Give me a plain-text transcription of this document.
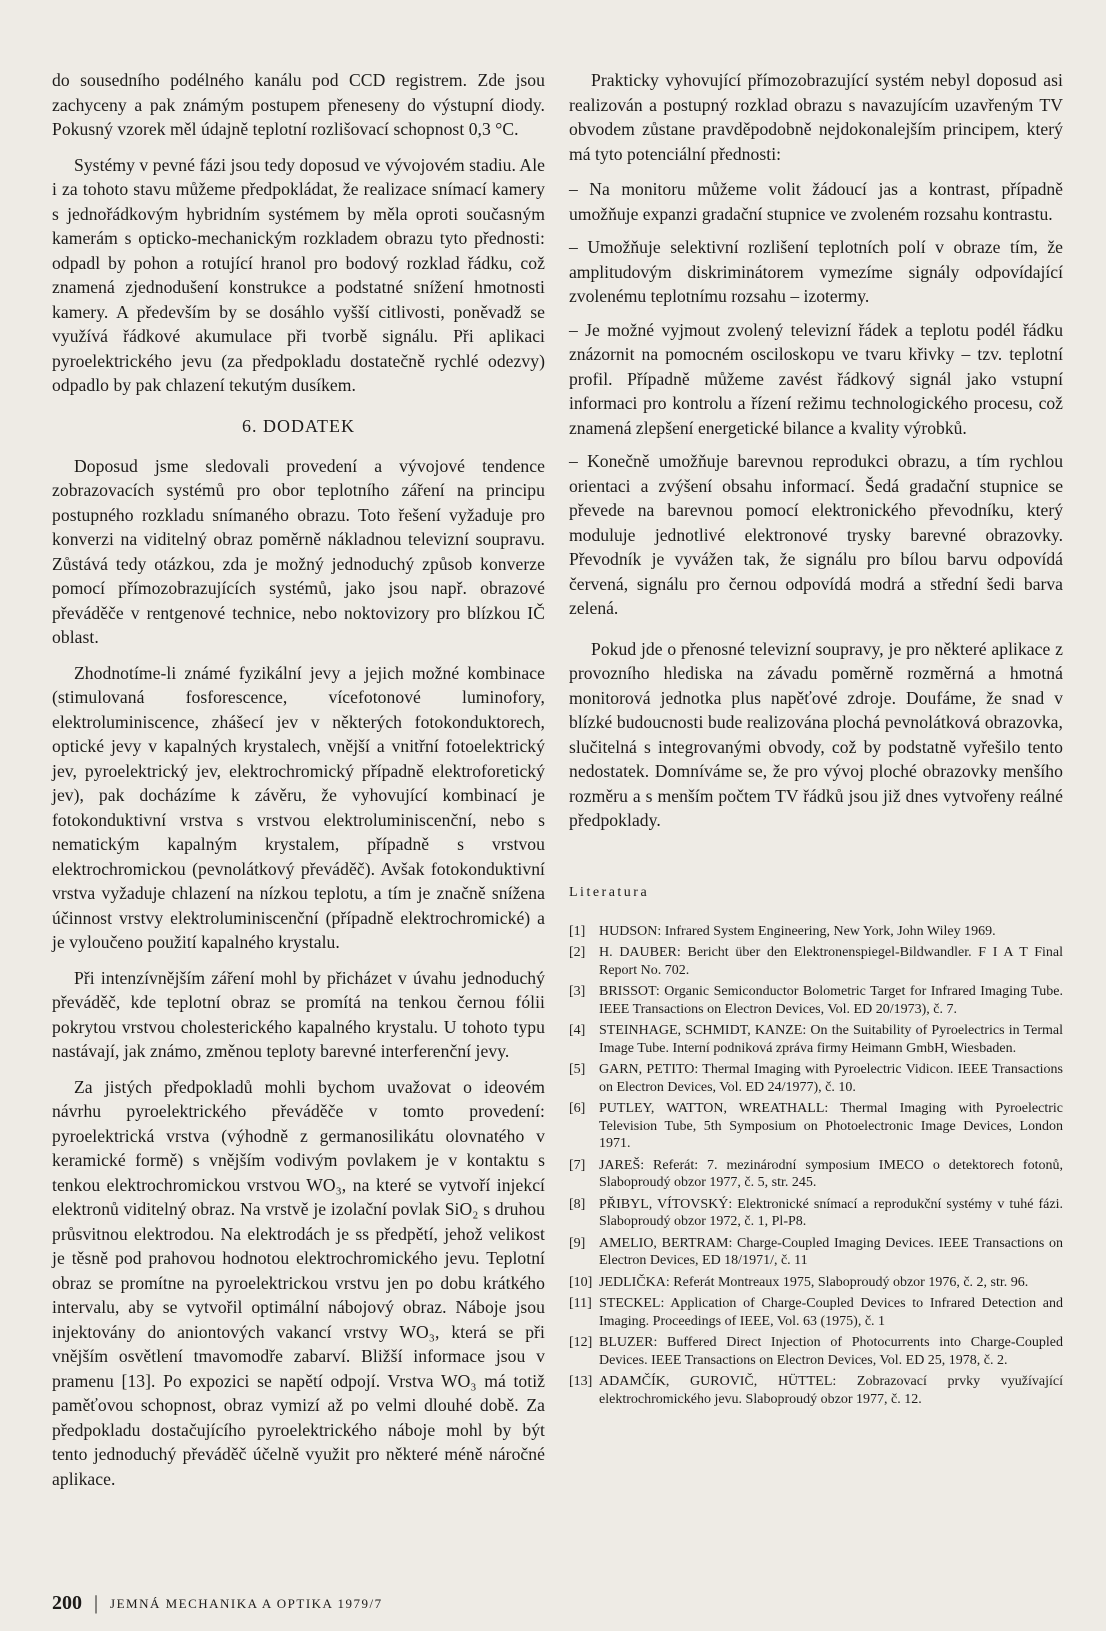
do sousedního podélného kanálu pod CCD registrem. Zde jsou zachyceny a pak známým postupem přeneseny do výstupní diody. Pokusný vzorek měl údajně teplotní rozlišovací schopnost 0,3 °C.

Systémy v pevné fázi jsou tedy doposud ve vývojovém stadiu. Ale i za tohoto stavu můžeme předpokládat, že realizace snímací kamery s jednořádkovým hybridním systémem by měla oproti současným kamerám s opticko-mechanickým rozkladem obrazu tyto přednosti: odpadl by pohon a rotující hranol pro bodový rozklad řádku, což znamená zjednodušení konstrukce a podstatné snížení hmotnosti kamery. A především by se dosáhlo vyšší citlivosti, poněvadž se využívá řádkové akumulace při tvorbě signálu. Při aplikaci pyroelektrického jevu (za předpokladu dostatečně rychlé odezvy) odpadlo by pak chlazení tekutým dusíkem.

6. DODATEK

Doposud jsme sledovali provedení a vývojové tendence zobrazovacích systémů pro obor teplotního záření na principu postupného rozkladu snímaného obrazu. Toto řešení vyžaduje pro konverzi na viditelný obraz poměrně nákladnou televizní soupravu. Zůstává tedy otázkou, zda je možný jednoduchý způsob konverze pomocí přímozobrazujících systémů, jako jsou např. obrazové převáděče v rentgenové technice, nebo noktovizory pro blízkou IČ oblast.

Zhodnotíme-li známé fyzikální jevy a jejich možné kombinace (stimulovaná fosforescence, vícefotonové luminofory, elektroluminiscence, zhášecí jev v některých fotokonduktorech, optické jevy v kapalných krystalech, vnější a vnitřní fotoelektrický jev, pyroelektrický jev, elektrochromický případně elektroforetický jev), pak docházíme k závěru, že vyhovující kombinací je fotokonduktivní vrstva s vrstvou elektroluminiscenční, nebo s nematickým kapalným krystalem, případně s vrstvou elektrochromickou (pevnolátkový převáděč). Avšak fotokonduktivní vrstva vyžaduje chlazení na nízkou teplotu, a tím je značně snížena účinnost vrstvy elektroluminiscenční (případně elektrochromické) a je vyloučeno použití kapalného krystalu.

Při intenzívnějším záření mohl by přicházet v úvahu jednoduchý převáděč, kde teplotní obraz se promítá na tenkou černou fólii pokrytou vrstvou cholesterického kapalného krystalu. U tohoto typu nastávají, jak známo, změnou teploty barevné interferenční jevy.

Za jistých předpokladů mohli bychom uvažovat o ideovém návrhu pyroelektrického převáděče v tomto provedení: pyroelektrická vrstva (výhodně z germanosilikátu olovnatého v keramické formě) s vnějším vodivým povlakem je v kontaktu s tenkou elektrochromickou vrstvou WO₃, na které se vytvoří injekcí elektronů viditelný obraz. Na vrstvě je izolační povlak SiO₂ s druhou průsvitnou elektrodou. Na elektrodách je ss předpětí, jehož velikost je těsně pod prahovou hodnotou elektrochromického jevu. Teplotní obraz se promítne na pyroelektrickou vrstvu jen po dobu krátkého intervalu, aby se vytvořil optimální nábojový obraz. Náboje jsou injektovány do aniontových vakancí vrstvy WO₃, která se při vnějším osvětlení tmavomodře zabarví. Bližší informace jsou v pramenu [13]. Po expozici se napětí odpojí. Vrstva WO₃ má totiž paměťovou schopnost, obraz vymizí až po velmi dlouhé době. Za předpokladu dostačujícího pyroelektrického náboje mohl by být tento jednoduchý převáděč účelně využit pro některé méně náročné aplikace.

Prakticky vyhovující přímozobrazující systém nebyl doposud asi realizován a postupný rozklad obrazu s navazujícím uzavřeným TV obvodem zůstane pravděpodobně nejdokonalejším principem, který má tyto potenciální přednosti:

– Na monitoru můžeme volit žádoucí jas a kontrast, případně umožňuje expanzi gradační stupnice ve zvoleném rozsahu kontrastu.

– Umožňuje selektivní rozlišení teplotních polí v obraze tím, že amplitudovým diskriminátorem vymezíme signály odpovídající zvolenému teplotnímu rozsahu – izotermy.

– Je možné vyjmout zvolený televizní řádek a teplotu podél řádku znázornit na pomocném osciloskopu ve tvaru křivky – tzv. teplotní profil. Případně můžeme zavést řádkový signál jako vstupní informaci pro kontrolu a řízení režimu technologického procesu, což znamená zlepšení energetické bilance a kvality výrobků.

– Konečně umožňuje barevnou reprodukci obrazu, a tím rychlou orientaci a zvýšení obsahu informací. Šedá gradační stupnice se převede na barevnou pomocí elektronického převodníku, který moduluje jednotlivé elektronové trysky barevné obrazovky. Převodník je vyvážen tak, že signálu pro bílou barvu odpovídá červená, signálu pro černou odpovídá modrá a střední šedi barva zelená.

Pokud jde o přenosné televizní soupravy, je pro některé aplikace z provozního hlediska na závadu poměrně rozměrná a hmotná monitorová jednotka plus napěťové zdroje. Doufáme, že snad v blízké budoucnosti bude realizována plochá pevnolátková obrazovka, slučitelná s integrovanými obvody, což by podstatně vyřešilo tento nedostatek. Domníváme se, že pro vývoj ploché obrazovky menšího rozměru a s menším počtem TV řádků jsou již dnes vytvořeny reálné předpoklady.

Literatura
[1] HUDSON: Infrared System Engineering, New York, John Wiley 1969.
[2] H. DAUBER: Bericht über den Elektronenspiegel-Bildwandler. F I A T Final Report No. 702.
[3] BRISSOT: Organic Semiconductor Bolometric Target for Infrared Imaging Tube. IEEE Transactions on Electron Devices, Vol. ED 20/1973), č. 7.
[4] STEINHAGE, SCHMIDT, KANZE: On the Suitability of Pyroelectrics in Termal Image Tube. Interní podniková zpráva firmy Heimann GmbH, Wiesbaden.
[5] GARN, PETITO: Thermal Imaging with Pyroelectric Vidicon. IEEE Transactions on Electron Devices, Vol. ED 24/1977), č. 10.
[6] PUTLEY, WATTON, WREATHALL: Thermal Imaging with Pyroelectric Television Tube, 5th Symposium on Photoelectronic Image Devices, London 1971.
[7] JAREŠ: Referát: 7. mezinárodní symposium IMECO o detektorech fotonů, Slaboproudý obzor 1977, č. 5, str. 245.
[8] PŘIBYL, VÍTOVSKÝ: Elektronické snímací a reprodukční systémy v tuhé fázi. Slaboproudý obzor 1972, č. 1, Pl-P8.
[9] AMELIO, BERTRAM: Charge-Coupled Imaging Devices. IEEE Transactions on Electron Devices, ED 18/1971/, č. 11
[10] JEDLIČKA: Referát Montreaux 1975, Slaboproudý obzor 1976, č. 2, str. 96.
[11] STECKEL: Application of Charge-Coupled Devices to Infrared Detection and Imaging. Proceedings of IEEE, Vol. 63 (1975), č. 1
[12] BLUZER: Buffered Direct Injection of Photocurrents into Charge-Coupled Devices. IEEE Transactions on Electron Devices, Vol. ED 25, 1978, č. 2.
[13] ADAMČÍK, GUROVIČ, HÜTTEL: Zobrazovací prvky využívající elektrochromického jevu. Slaboproudý obzor 1977, č. 12.
200 | JEMNÁ MECHANIKA A OPTIKA 1979/7
